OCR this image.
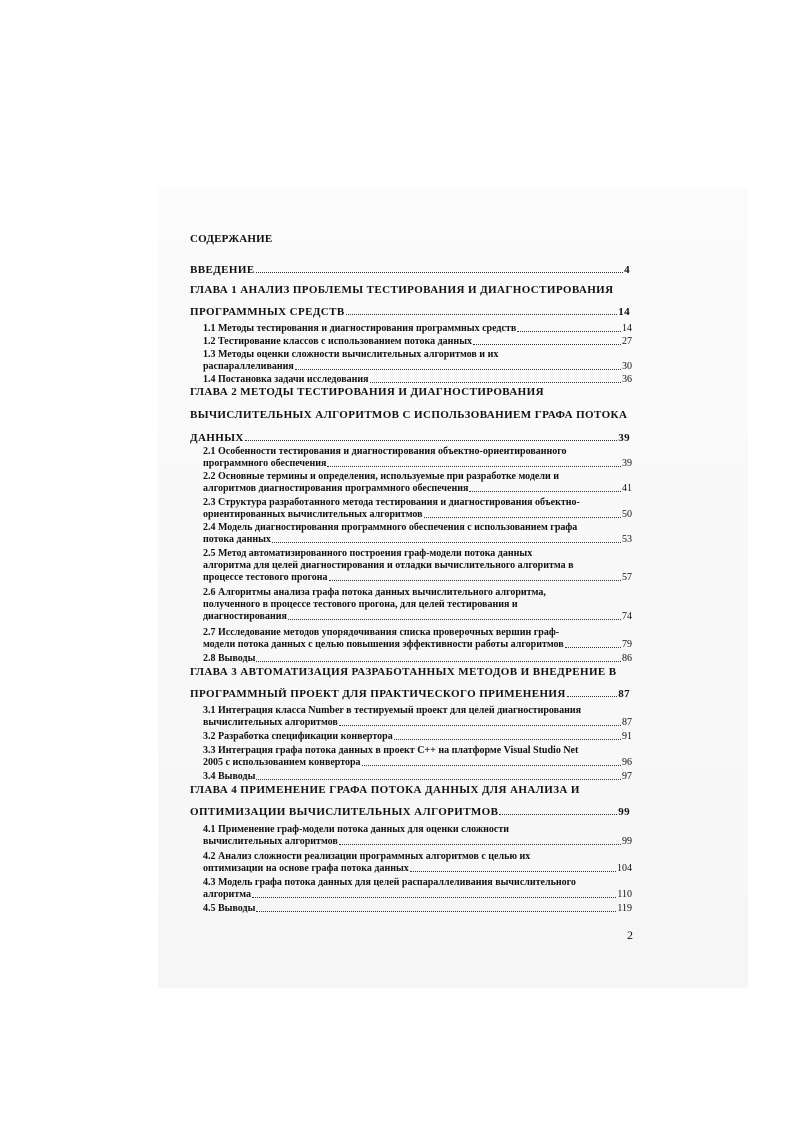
СОДЕРЖАНИЕ
ВВЕДЕНИЕ	4
ГЛАВА 1 АНАЛИЗ ПРОБЛЕМЫ ТЕСТИРОВАНИЯ И ДИАГНОСТИРОВАНИЯ
ПРОГРАММНЫХ СРЕДСТВ	14
1.1 Методы тестирования и диагностирования программных средств	14
1.2 Тестирование классов с использованием потока данных	27
1.3 Методы оценки сложности вычислительных алгоритмов и их
распараллеливания	30
1.4 Постановка задачи исследования	36
ГЛАВА 2 МЕТОДЫ ТЕСТИРОВАНИЯ И ДИАГНОСТИРОВАНИЯ
ВЫЧИСЛИТЕЛЬНЫХ АЛГОРИТМОВ С ИСПОЛЬЗОВАНИЕМ ГРАФА ПОТОКА
ДАННЫХ	39
2.1 Особенности тестирования и диагностирования объектно-ориентированного
программного обеспечения	39
2.2 Основные термины и определения, используемые при разработке модели и
алгоритмов диагностирования программного обеспечения	41
2.3 Структура разработанного метода тестирования и диагностирования объектно-
ориентированных вычислительных алгоритмов	50
2.4 Модель диагностирования программного обеспечения с использованием графа
потока данных	53
2.5 Метод автоматизированного построения граф-модели потока данных
алгоритма для целей диагностирования и отладки вычислительного алгоритма в
процессе тестового прогона	57
2.6 Алгоритмы анализа графа потока данных вычислительного алгоритма,
полученного в процессе тестового прогона, для целей тестирования и
диагностирования	74
2.7 Исследование методов упорядочивания списка проверочных вершин граф-
модели потока данных с целью повышения эффективности работы алгоритмов	79
2.8 Выводы	86
ГЛАВА 3 АВТОМАТИЗАЦИЯ РАЗРАБОТАННЫХ МЕТОДОВ И ВНЕДРЕНИЕ В
ПРОГРАММНЫЙ ПРОЕКТ ДЛЯ ПРАКТИЧЕСКОГО ПРИМЕНЕНИЯ	87
3.1 Интеграция класса Number в тестируемый проект для целей диагностирования
вычислительных алгоритмов	87
3.2 Разработка спецификации конвертора	91
3.3 Интеграция графа потока данных в проект C++ на платформе Visual Studio Net
2005 с использованием конвертора	96
3.4 Выводы	97
ГЛАВА 4 ПРИМЕНЕНИЕ ГРАФА ПОТОКА ДАННЫХ ДЛЯ АНАЛИЗА И
ОПТИМИЗАЦИИ ВЫЧИСЛИТЕЛЬНЫХ АЛГОРИТМОВ	99
4.1 Применение граф-модели потока данных для оценки сложности
вычислительных алгоритмов	99
4.2 Анализ сложности реализации программных алгоритмов с целью их
оптимизации на основе графа потока данных	104
4.3 Модель графа потока данных для целей распараллеливания вычислительного
алгоритма	110
4.5 Выводы	119
2
